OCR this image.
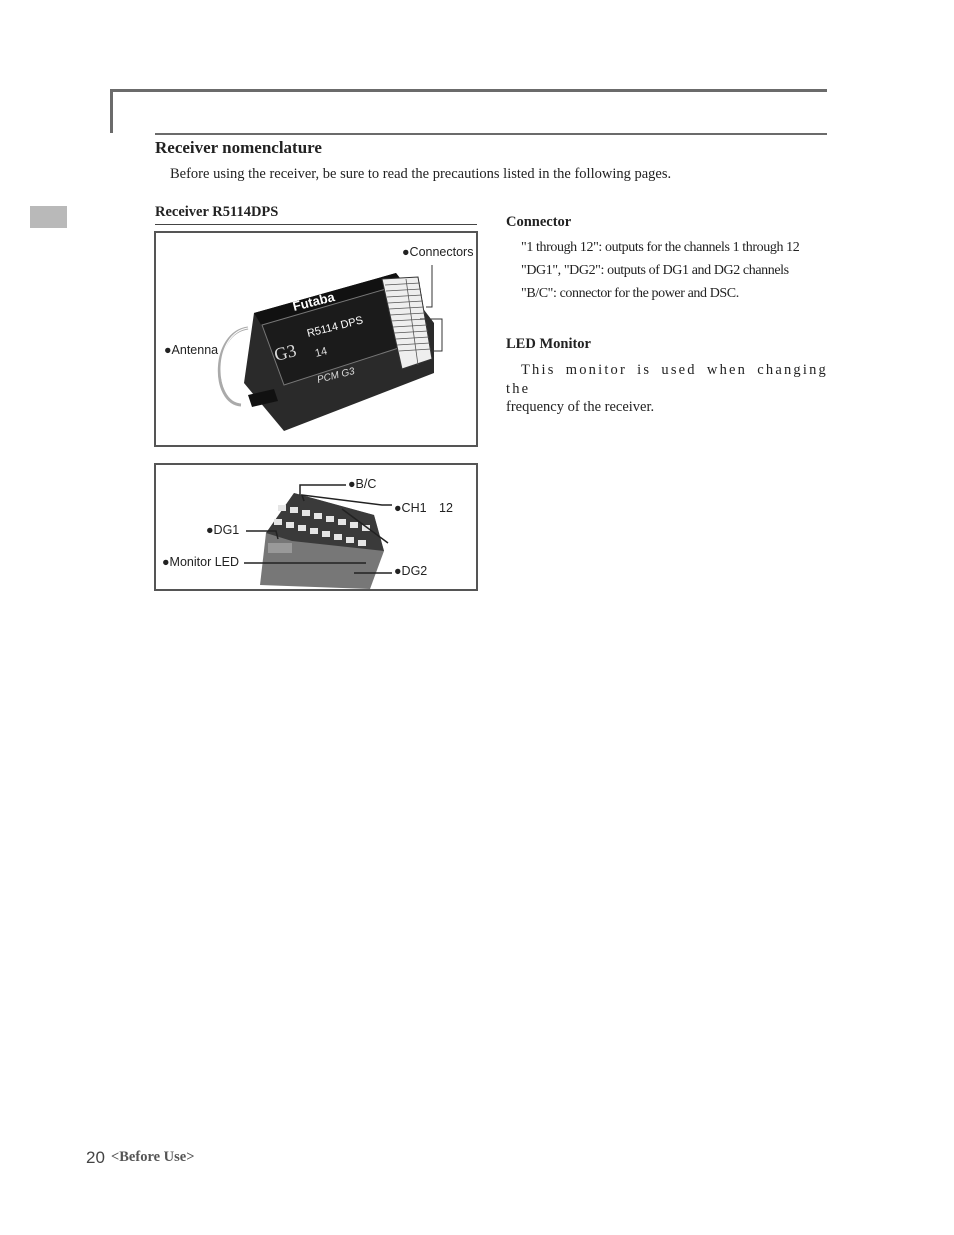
Receiver nomenclature

Before using the receiver, be sure to read the precautions listed in the following pages.

Receiver R5114DPS
Futaba
R5114 DPS
G3 14
PCM G3
●Connectors
●Antenna
●B/C
●CH1　12
●DG1
●Monitor LED
●DG2
Connector
"1 through 12": outputs for the channels 1 through 12
"DG1", "DG2": outputs of DG1 and DG2 channels
"B/C": connector for the power and DSC.
LED Monitor

This monitor is used when changing the
frequency of the receiver.

20 <Before Use>
